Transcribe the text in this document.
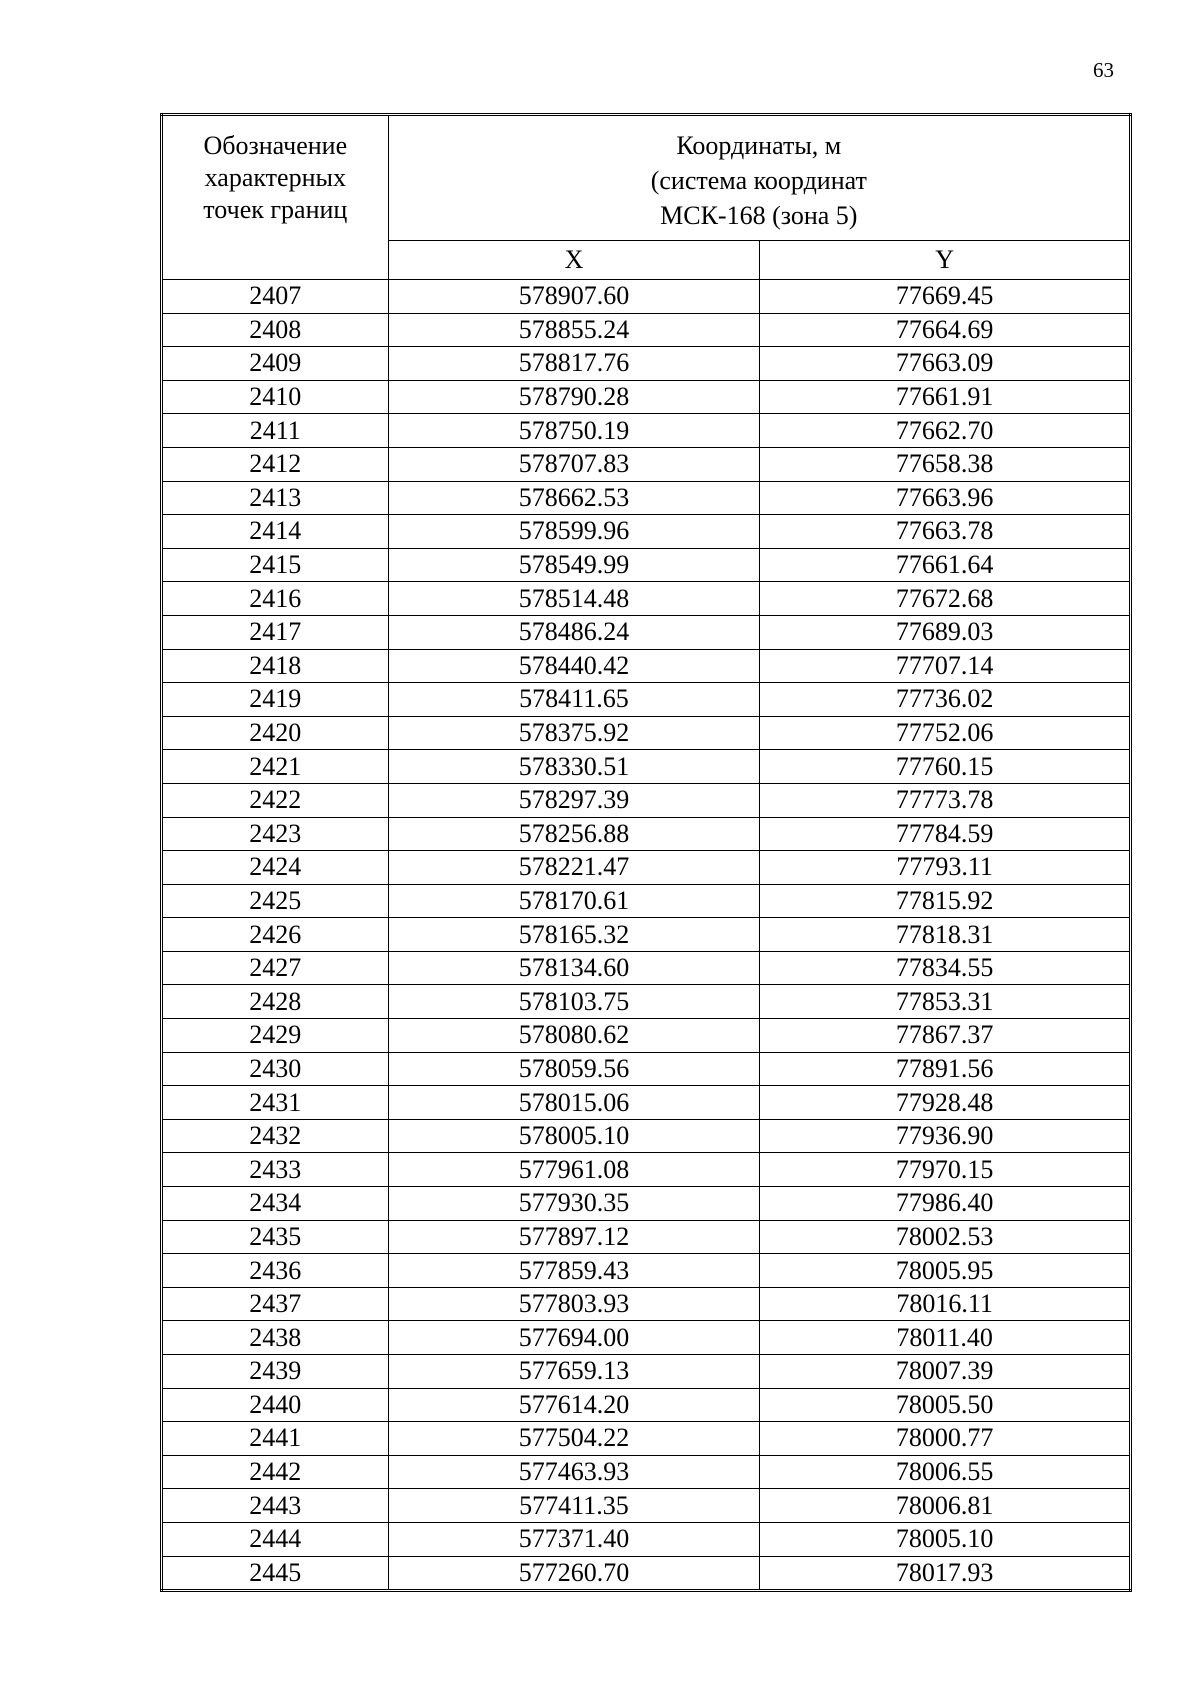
63
Обозначение
характерных
точек границ	Координаты, м
(система координат
МСК-168 (зона 5)	

	X	Y
2407	578907.60	77669.45
2408	578855.24	77664.69
2409	578817.76	77663.09
2410	578790.28	77661.91
2411	578750.19	77662.70
2412	578707.83	77658.38
2413	578662.53	77663.96
2414	578599.96	77663.78
2415	578549.99	77661.64
2416	578514.48	77672.68
2417	578486.24	77689.03
2418	578440.42	77707.14
2419	578411.65	77736.02
2420	578375.92	77752.06
2421	578330.51	77760.15
2422	578297.39	77773.78
2423	578256.88	77784.59
2424	578221.47	77793.11
2425	578170.61	77815.92
2426	578165.32	77818.31
2427	578134.60	77834.55
2428	578103.75	77853.31
2429	578080.62	77867.37
2430	578059.56	77891.56
2431	578015.06	77928.48
2432	578005.10	77936.90
2433	577961.08	77970.15
2434	577930.35	77986.40
2435	577897.12	78002.53
2436	577859.43	78005.95
2437	577803.93	78016.11
2438	577694.00	78011.40
2439	577659.13	78007.39
2440	577614.20	78005.50
2441	577504.22	78000.77
2442	577463.93	78006.55
2443	577411.35	78006.81
2444	577371.40	78005.10
2445	577260.70	78017.93
